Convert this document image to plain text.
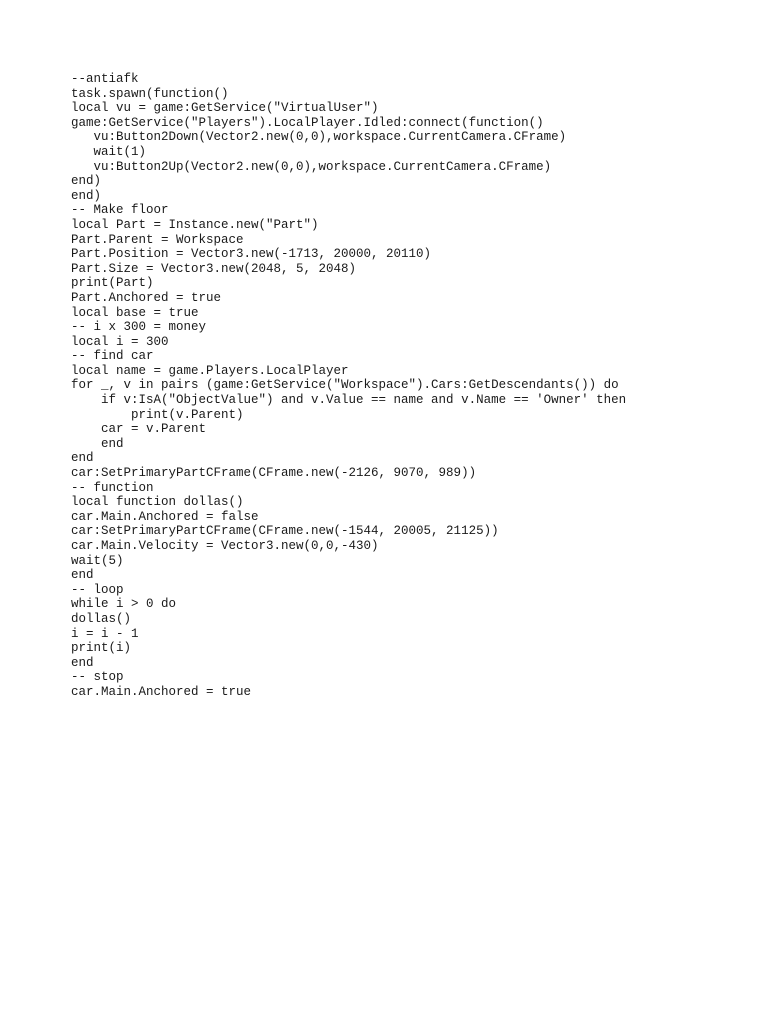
--antiafk
task.spawn(function()
local vu = game:GetService("VirtualUser")
game:GetService("Players").LocalPlayer.Idled:connect(function()
vu:Button2Down(Vector2.new(0,0),workspace.CurrentCamera.CFrame)
wait(1)
vu:Button2Up(Vector2.new(0,0),workspace.CurrentCamera.CFrame)
end)
end)
-- Make floor
local Part = Instance.new("Part")
Part.Parent = Workspace
Part.Position = Vector3.new(-1713, 20000, 20110)
Part.Size = Vector3.new(2048, 5, 2048)
print(Part)
Part.Anchored = true
local base = true
-- i x 300 = money
local i = 300
-- find car
local name = game.Players.LocalPlayer
for _, v in pairs (game:GetService("Workspace").Cars:GetDescendants()) do
if v:IsA("ObjectValue") and v.Value == name and v.Name == 'Owner' then
print(v.Parent)
car = v.Parent
end
end
car:SetPrimaryPartCFrame(CFrame.new(-2126, 9070, 989))
-- function
local function dollas()
car.Main.Anchored = false
car:SetPrimaryPartCFrame(CFrame.new(-1544, 20005, 21125))
car.Main.Velocity = Vector3.new(0,0,-430)
wait(5)
end
-- loop
while i > 0 do
dollas()
i = i - 1
print(i)
end
-- stop
car.Main.Anchored = true
